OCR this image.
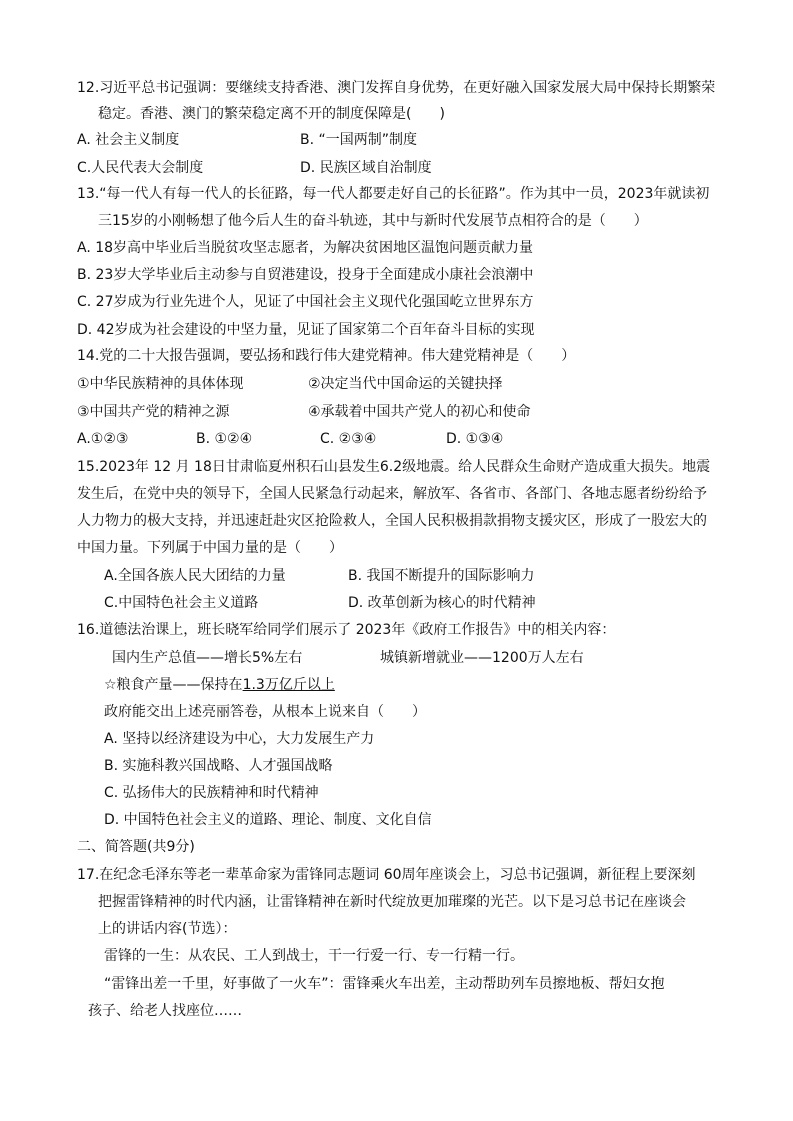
12.习近平总书记强调：要继续支持香港、澳门发挥自身优势，在更好融入国家发展大局中保持长期繁荣
稳定。香港、澳门的繁荣稳定离不开的制度保障是(　　)
A. 社会主义制度	B. “一国两制”制度
C.人民代表大会制度	D. 民族区域自治制度
13.“每一代人有每一代人的长征路，每一代人都要走好自己的长征路”。作为其中一员，2023年就读初
三15岁的小刚畅想了他今后人生的奋斗轨迹，其中与新时代发展节点相符合的是（　　）
A. 18岁高中毕业后当脱贫攻坚志愿者，为解决贫困地区温饱问题贡献力量
B. 23岁大学毕业后主动参与自贸港建设，投身于全面建成小康社会浪潮中
C. 27岁成为行业先进个人，见证了中国社会主义现代化强国屹立世界东方
D. 42岁成为社会建设的中坚力量，见证了国家第二个百年奋斗目标的实现
14.党的二十大报告强调，要弘扬和践行伟大建党精神。伟大建党精神是（　　）
①中华民族精神的具体体现	②决定当代中国命运的关键抉择
③中国共产党的精神之源	④承载着中国共产党人的初心和使命
A.①②③	B. ①②④	C. ②③④	D. ①③④
15.2023年 12 月 18日甘肃临夏州积石山县发生6.2级地震。给人民群众生命财产造成重大损失。地震
发生后，在党中央的领导下，全国人民紧急行动起来，解放军、各省市、各部门、各地志愿者纷纷给予
人力物力的极大支持，并迅速赶赴灾区抢险救人，全国人民积极捐款捐物支援灾区，形成了一股宏大的
中国力量。下列属于中国力量的是（　　）
A.全国各族人民大团结的力量	B. 我国不断提升的国际影响力
C.中国特色社会主义道路	D. 改革创新为核心的时代精神
16.道德法治课上，班长晓军给同学们展示了 2023年《政府工作报告》中的相关内容：
国内生产总值——增长5%左右	城镇新增就业——1200万人左右
☆粮食产量——保持在1.3万亿斤以上
政府能交出上述亮丽答卷，从根本上说来自（　　）
A. 坚持以经济建设为中心，大力发展生产力
B. 实施科教兴国战略、人才强国战略
C. 弘扬伟大的民族精神和时代精神
D. 中国特色社会主义的道路、理论、制度、文化自信
二、简答题(共9分)
17.在纪念毛泽东等老一辈革命家为雷锋同志题词 60周年座谈会上，习总书记强调，新征程上要深刻
把握雷锋精神的时代内涵，让雷锋精神在新时代绽放更加璀璨的光芒。以下是习总书记在座谈会
上的讲话内容(节选）：
雷锋的一生：从农民、工人到战士，干一行爱一行、专一行精一行。
“雷锋出差一千里，好事做了一火车”：雷锋乘火车出差，主动帮助列车员擦地板、帮妇女抱
孩子、给老人找座位……
